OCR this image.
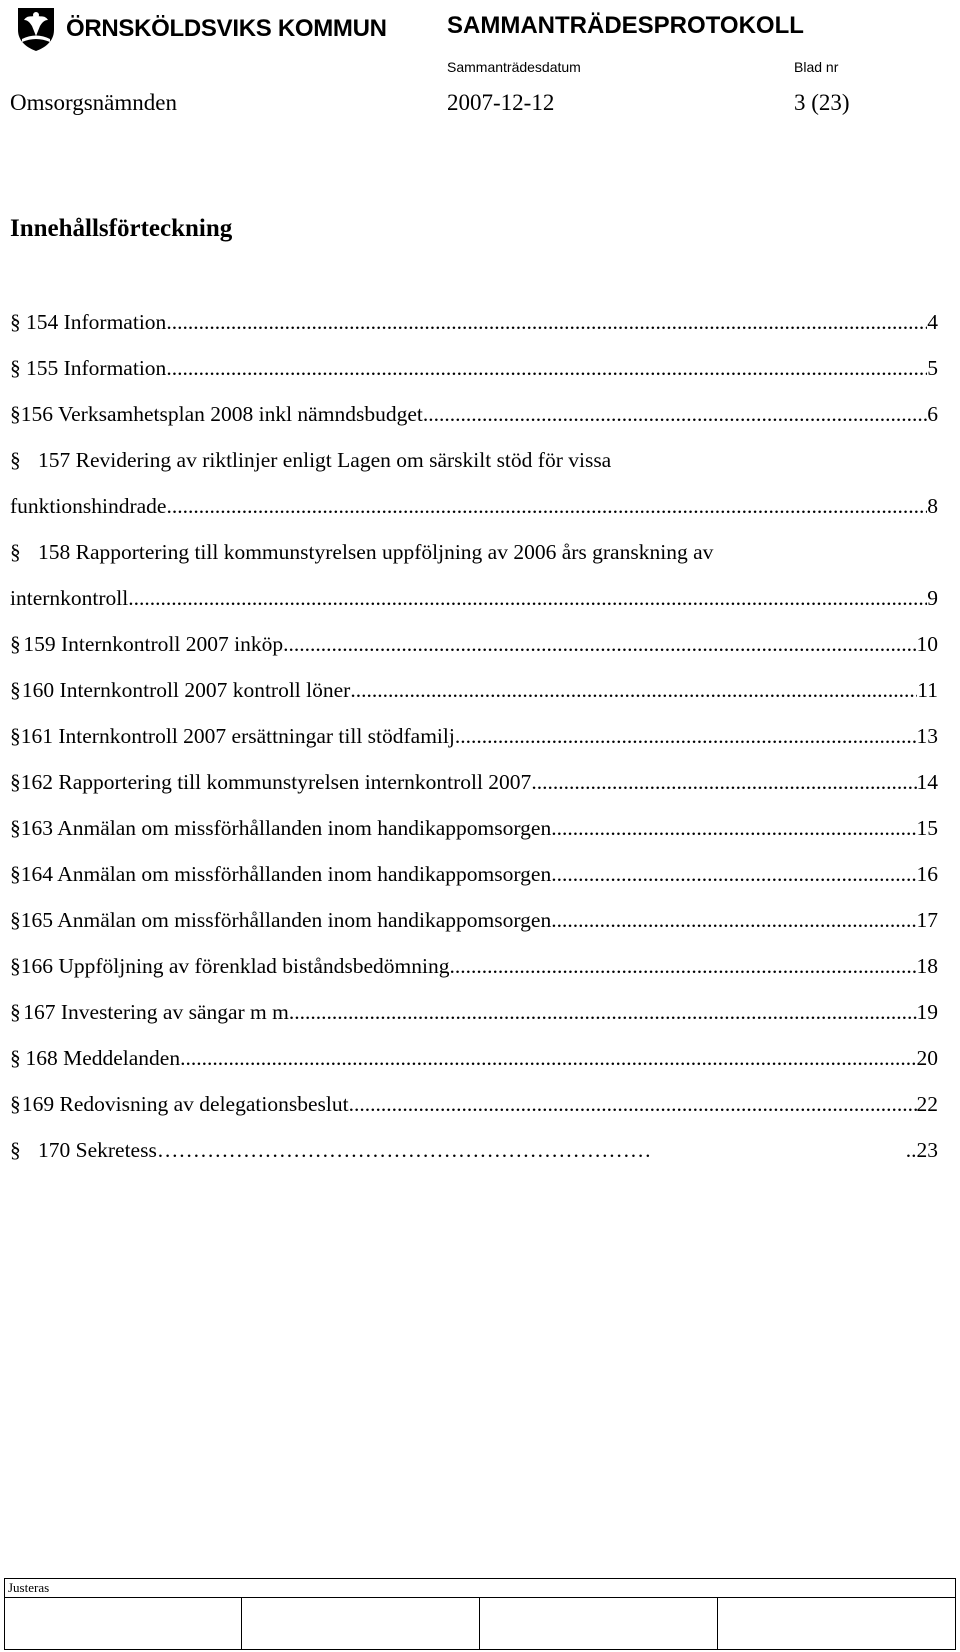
ÖRNSKÖLDSVIKS KOMMUN	SAMMANTRÄDESPROTOKOLL
Sammanträdesdatum	Blad nr
Omsorgsnämnden	2007-12-12	3 (23)
Innehållsförteckning
§ 154 Information .....	4
§ 155 Information .....	5
§ 156 Verksamhetsplan 2008 inkl nämndsbudget .....	6
§ 157 Revidering av riktlinjer enligt Lagen om särskilt stöd för vissa
funktionshindrade .....	8
§ 158 Rapportering till kommunstyrelsen uppföljning av 2006 års granskning av
internkontroll .....	9
§ 159 Internkontroll 2007 inköp .....	10
§ 160 Internkontroll 2007 kontroll löner .....	11
§ 161 Internkontroll 2007 ersättningar till stödfamilj .....	13
§ 162 Rapportering till kommunstyrelsen internkontroll 2007 .....	14
§ 163 Anmälan om missförhållanden inom handikappomsorgen .....	15
§ 164 Anmälan om missförhållanden inom handikappomsorgen .....	16
§ 165 Anmälan om missförhållanden inom handikappomsorgen .....	17
§ 166 Uppföljning av förenklad biståndsbedömning .....	18
§ 167 Investering av sängar m m .....	19
§ 168 Meddelanden .....	20
§ 169 Redovisning av delegationsbeslut .....	22
§ 170 Sekretess……………………………………………………………	..23
Justeras
